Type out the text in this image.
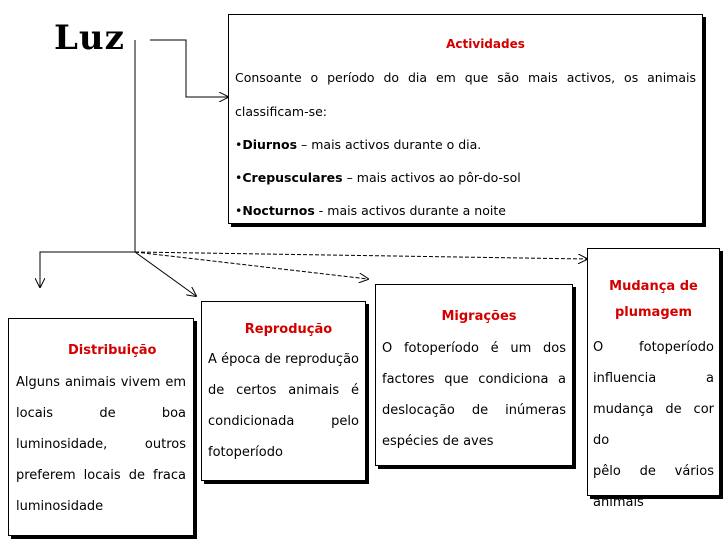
Luz	Actividades
Consoante o período do dia em que são mais activos, os animais
classificam-se:
•Diurnos – mais activos durante o dia.
•Crepusculares – mais activos ao pôr-do-sol
•Nocturnos - mais activos durante a noite
Distribuição
Alguns animais vivem em
locais de boa
luminosidade, outros
preferem locais de fraca
luminosidade
Reprodução
A época de reprodução
de certos animais é
condicionada pelo
fotoperíodo
Migrações
O fotoperíodo é um dos
factores que condiciona a
deslocação de inúmeras
espécies de aves
Mudança de
plumagem
O fotoperíodo
influencia a
mudança de cor do
pêlo de vários
animais
